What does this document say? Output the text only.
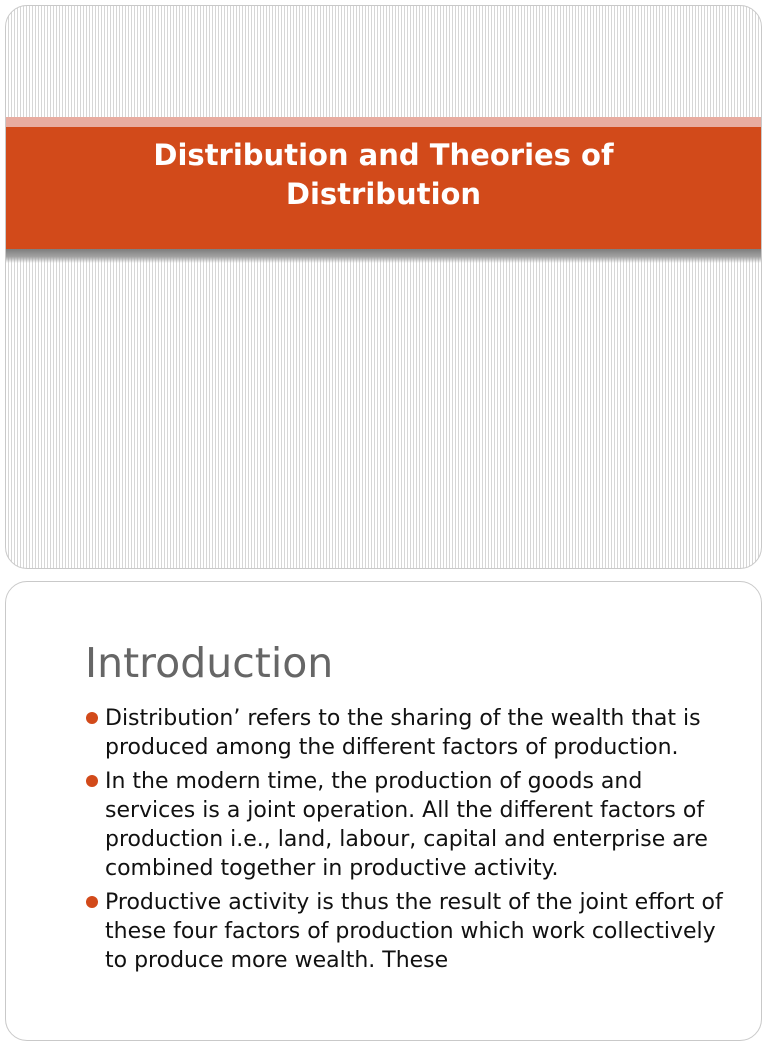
Distribution and Theories of Distribution
Introduction
Distribution’ refers to the sharing of the wealth that is produced among the different factors of production.
In the modern time, the production of goods and services is a joint operation. All the different factors of production i.e., land, labour, capital and enterprise are combined together in productive activity.
Productive activity is thus the result of the joint effort of these four factors of production which work collectively to produce more wealth. These
